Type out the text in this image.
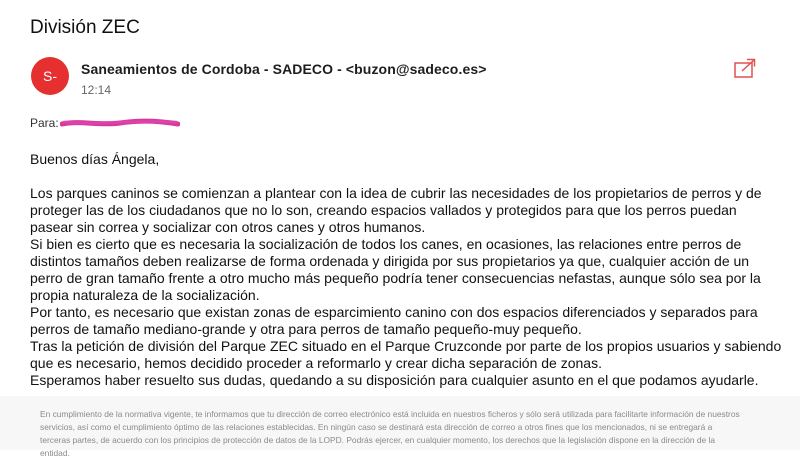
División ZEC
S-	Saneamientos de Cordoba - SADECO - <buzon@sadeco.es>
12:14
Para:

Buenos días Ángela,

Los parques caninos se comienzan a plantear con la idea de cubrir las necesidades de los propietarios de perros y de proteger las de los ciudadanos que no lo son, creando espacios vallados y protegidos para que los perros puedan pasear sin correa y socializar con otros canes y otros humanos.

Si bien es cierto que es necesaria la socialización de todos los canes, en ocasiones, las relaciones entre perros de distintos tamaños deben realizarse de forma ordenada y dirigida por sus propietarios ya que, cualquier acción de un perro de gran tamaño frente a otro mucho más pequeño podría tener consecuencias nefastas, aunque sólo sea por la propia naturaleza de la socialización.

Por tanto, es necesario que existan zonas de esparcimiento canino con dos espacios diferenciados y separados para perros de tamaño mediano-grande y otra para perros de tamaño pequeño-muy pequeño.

Tras la petición de división del Parque ZEC situado en el Parque Cruzconde por parte de los propios usuarios y sabiendo que es necesario, hemos decidido proceder a reformarlo y crear dicha separación de zonas.

Esperamos haber resuelto sus dudas, quedando a su disposición para cualquier asunto en el que podamos ayudarle.

En cumplimiento de la normativa vigente, te informamos que tu dirección de correo electrónico está incluida en nuestros ficheros y sólo será utilizada para facilitarte información de nuestros servicios, así como el cumplimiento óptimo de las relaciones establecidas. En ningún caso se destinará esta dirección de correo a otros fines que los mencionados, ni se entregará a terceras partes, de acuerdo con los principios de protección de datos de la LOPD. Podrás ejercer, en cualquier momento, los derechos que la legislación dispone en la dirección de la entidad.
